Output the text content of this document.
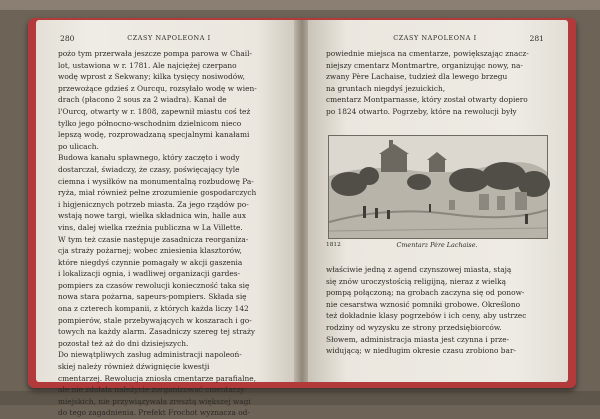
280	CZASY NAPOLEONA I
pożo tym przerwała jeszcze pompa parowa w Chail-
lot, ustawiona w r. 1781. Ale najciężej czerpano
wodę wprost z Sekwany; kilka tysięcy nosiwodów,
przewożące gdzieś z Ourcqu, rozsyłało wodę w wien-
drach (płacono 2 sous za 2 wiadra). Kanał de
l'Ourcq, otwarty w r. 1808, zapewnił miastu coś też
tylko jego północno-wschodnim dzielnicom nieco
lepszą wodę, rozprowadzaną specjalnymi kanałami
po ulicach.
Budowa kanału spławnego, który zaczęto i wody
dostarczał, świadczy, że czasy, poświęcający tyle
ciemna i wysiłków na monumentalną rozbudowę Pa-
ryża, miał również pełne zrozumienie gospodarczych
i higjenicznych potrzeb miasta. Za jego rządów po-
wstają nowe targi, wielka składnica win, halle aux
vins, dalej wielka rzeźnia publiczna w La Villette.
W tym też czasie następuje zasadnicza reorganiza-
cja straży pożarnej; wobec zniesienia klasztorów,
które niegdyś czynnie pomagały w akcji gaszenia
i lokalizacji ognia, i wadliwej organizacji gardes-
pompiers za czasów rewolucji konieczność taka się
nowa stara pożarna, sapeurs-pompiers. Składa się
ona z czterech kompanii, z których każda liczy 142
pompierów, stale przebywających w koszarach i go-
towych na każdy alarm. Zasadniczy szereg tej straży
pozostał też aż do dni dzisiejszych.
Do niewątpliwych zasług administracji napoleoń-
skiej należy również dźwignięcie kwestji
cmentarzej. Rewolucja zniosła cmentarze parafialne,
ale nie zdołała należycie zorganizować cmentarzy
miejskich, nie przywiązywała zresztą większej wagi
do tego zagadnienia. Prefekt Frochot wyznacza od-
CZASY NAPOLEONA I	281
powiednie miejsca na cmentarze, powiększając znacz-
niejszy cmentarz Montmartre, organizując nowy, na-
zwany Père Lachaise, tudzież dla lewego brzegu
na gruntach niegdyś jezuickich,
cmentarz Montparnasse, który został otwarty dopiero
po 1824 otwarto. Pogrzeby, które na rewolucji były
1812	Cmentarz Père Lachaise.
właściwie jedną z agend czynszowej miasta, stają
się znów uroczystością religijną, nieraz z wielką
pompą połączoną; na grobach zaczyna się od ponow-
nie cesarstwa wznosić pomniki grobowe. Określono
też dokładnie klasy pogrzebów i ich ceny, aby ustrzec
rodziny od wyzysku ze strony przedsiębiorców.
Słowem, administracja miasta jest czynna i prze-
widującą; w niedługim okresie czasu zrobiono bar-
